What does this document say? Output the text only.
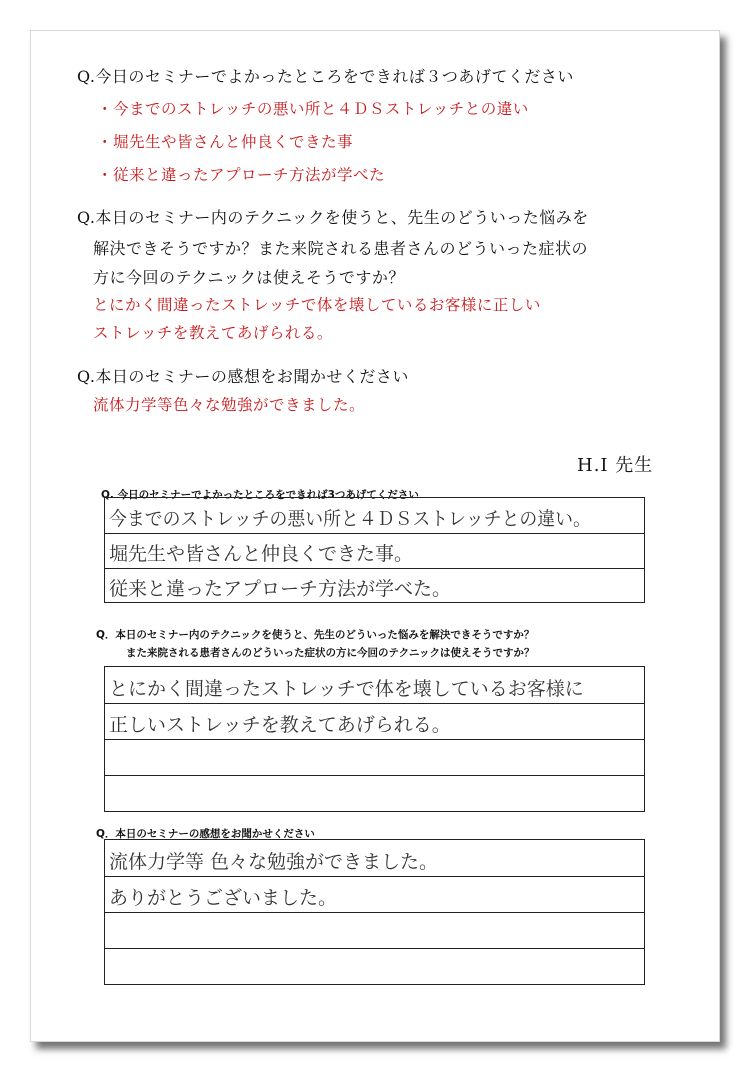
Q.今日のセミナーでよかったところをできれば３つあげてください
・今までのストレッチの悪い所と４ＤＳストレッチとの違い
・堀先生や皆さんと仲良くできた事
・従来と違ったアプローチ方法が学べた
Q.本日のセミナー内のテクニックを使うと、先生のどういった悩みを
解決できそうですか？また来院される患者さんのどういった症状の
方に今回のテクニックは使えそうですか？
とにかく間違ったストレッチで体を壊しているお客様に正しい
ストレッチを教えてあげられる。
Q.本日のセミナーの感想をお聞かせください
流体力学等色々な勉強ができました。
H.I 先生
Q. 今日のセミナーでよかったところをできれば3つあげてください
今までのストレッチの悪い所と４ＤＳストレッチとの違い。
堀先生や皆さんと仲良くできた事。
従来と違ったアプローチ方法が学べた。
Q．本日のセミナー内のテクニックを使うと、先生のどういった悩みを解決できそうですか？
また来院される患者さんのどういった症状の方に今回のテクニックは使えそうですか？
とにかく間違ったストレッチで体を壊しているお客様に
正しいストレッチを教えてあげられる。
Q．本日のセミナーの感想をお聞かせください
流体力学等 色々な勉強ができました。
ありがとうございました。
